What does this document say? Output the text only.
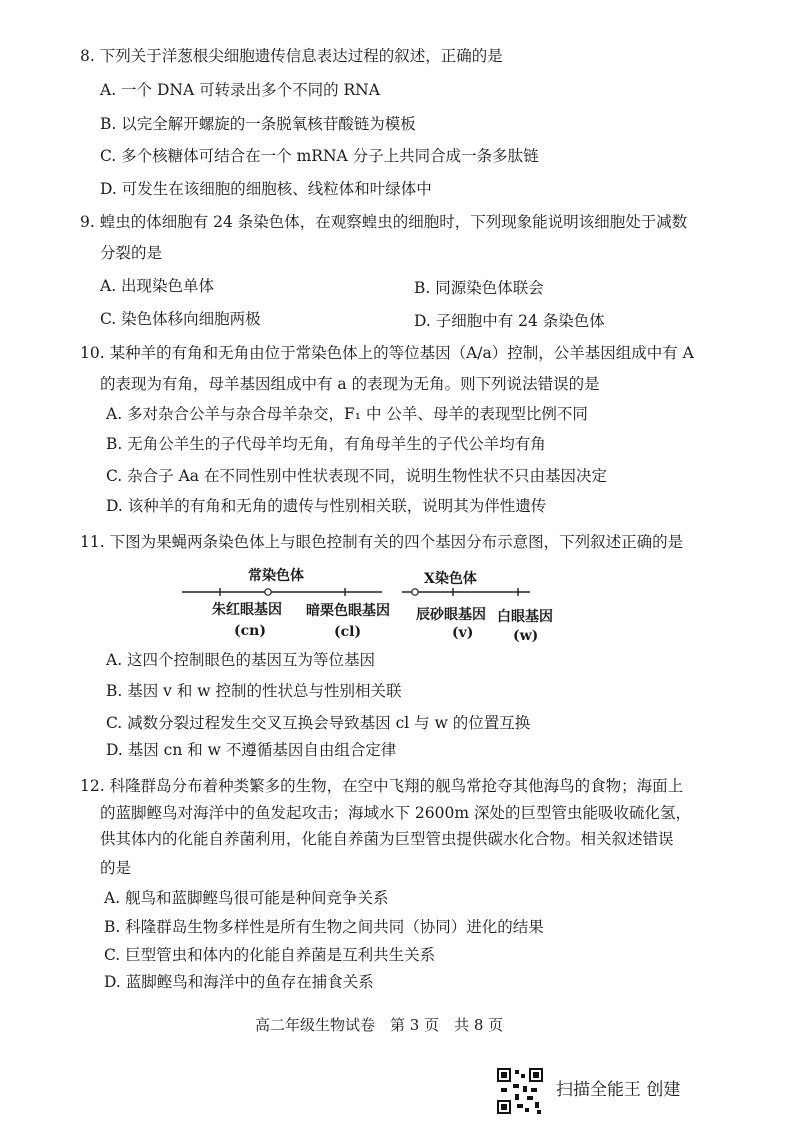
8. 下列关于洋葱根尖细胞遗传信息表达过程的叙述，正确的是
A. 一个 DNA 可转录出多个不同的 RNA
B. 以完全解开螺旋的一条脱氧核苷酸链为模板
C. 多个核糖体可结合在一个 mRNA 分子上共同合成一条多肽链
D. 可发生在该细胞的细胞核、线粒体和叶绿体中
9. 蝗虫的体细胞有 24 条染色体，在观察蝗虫的细胞时，下列现象能说明该细胞处于减数
分裂的是
A. 出现染色单体	B. 同源染色体联会
C. 染色体移向细胞两极	D. 子细胞中有 24 条染色体
10. 某种羊的有角和无角由位于常染色体上的等位基因（A/a）控制，公羊基因组成中有 A
的表现为有角，母羊基因组成中有 a 的表现为无角。则下列说法错误的是
A. 多对杂合公羊与杂合母羊杂交，F₁ 中 公羊、母羊的表现型比例不同
B. 无角公羊生的子代母羊均无角，有角母羊生的子代公羊均有角
C. 杂合子 Aa 在不同性别中性状表现不同，说明生物性状不只由基因决定
D. 该种羊的有角和无角的遗传与性别相关联，说明其为伴性遗传
11. 下图为果蝇两条染色体上与眼色控制有关的四个基因分布示意图，下列叙述正确的是
常染色体	X染色体
朱红眼基因
(cn)
暗栗色眼基因
(cl)
辰砂眼基因
(v)
白眼基因
(w)
A. 这四个控制眼色的基因互为等位基因
B. 基因 v 和 w 控制的性状总与性别相关联
C. 减数分裂过程发生交叉互换会导致基因 cl 与 w 的位置互换
D. 基因 cn 和 w 不遵循基因自由组合定律
12. 科隆群岛分布着种类繁多的生物，在空中飞翔的舰鸟常抢夺其他海鸟的食物；海面上
的蓝脚鲣鸟对海洋中的鱼发起攻击；海域水下 2600m 深处的巨型管虫能吸收硫化氢，
供其体内的化能自养菌利用，化能自养菌为巨型管虫提供碳水化合物。相关叙述错误
的是
A. 舰鸟和蓝脚鲣鸟很可能是种间竞争关系
B. 科隆群岛生物多样性是所有生物之间共同（协同）进化的结果
C. 巨型管虫和体内的化能自养菌是互利共生关系
D. 蓝脚鲣鸟和海洋中的鱼存在捕食关系
高二年级生物试卷　第 3 页　共 8 页
扫描全能王 创建
